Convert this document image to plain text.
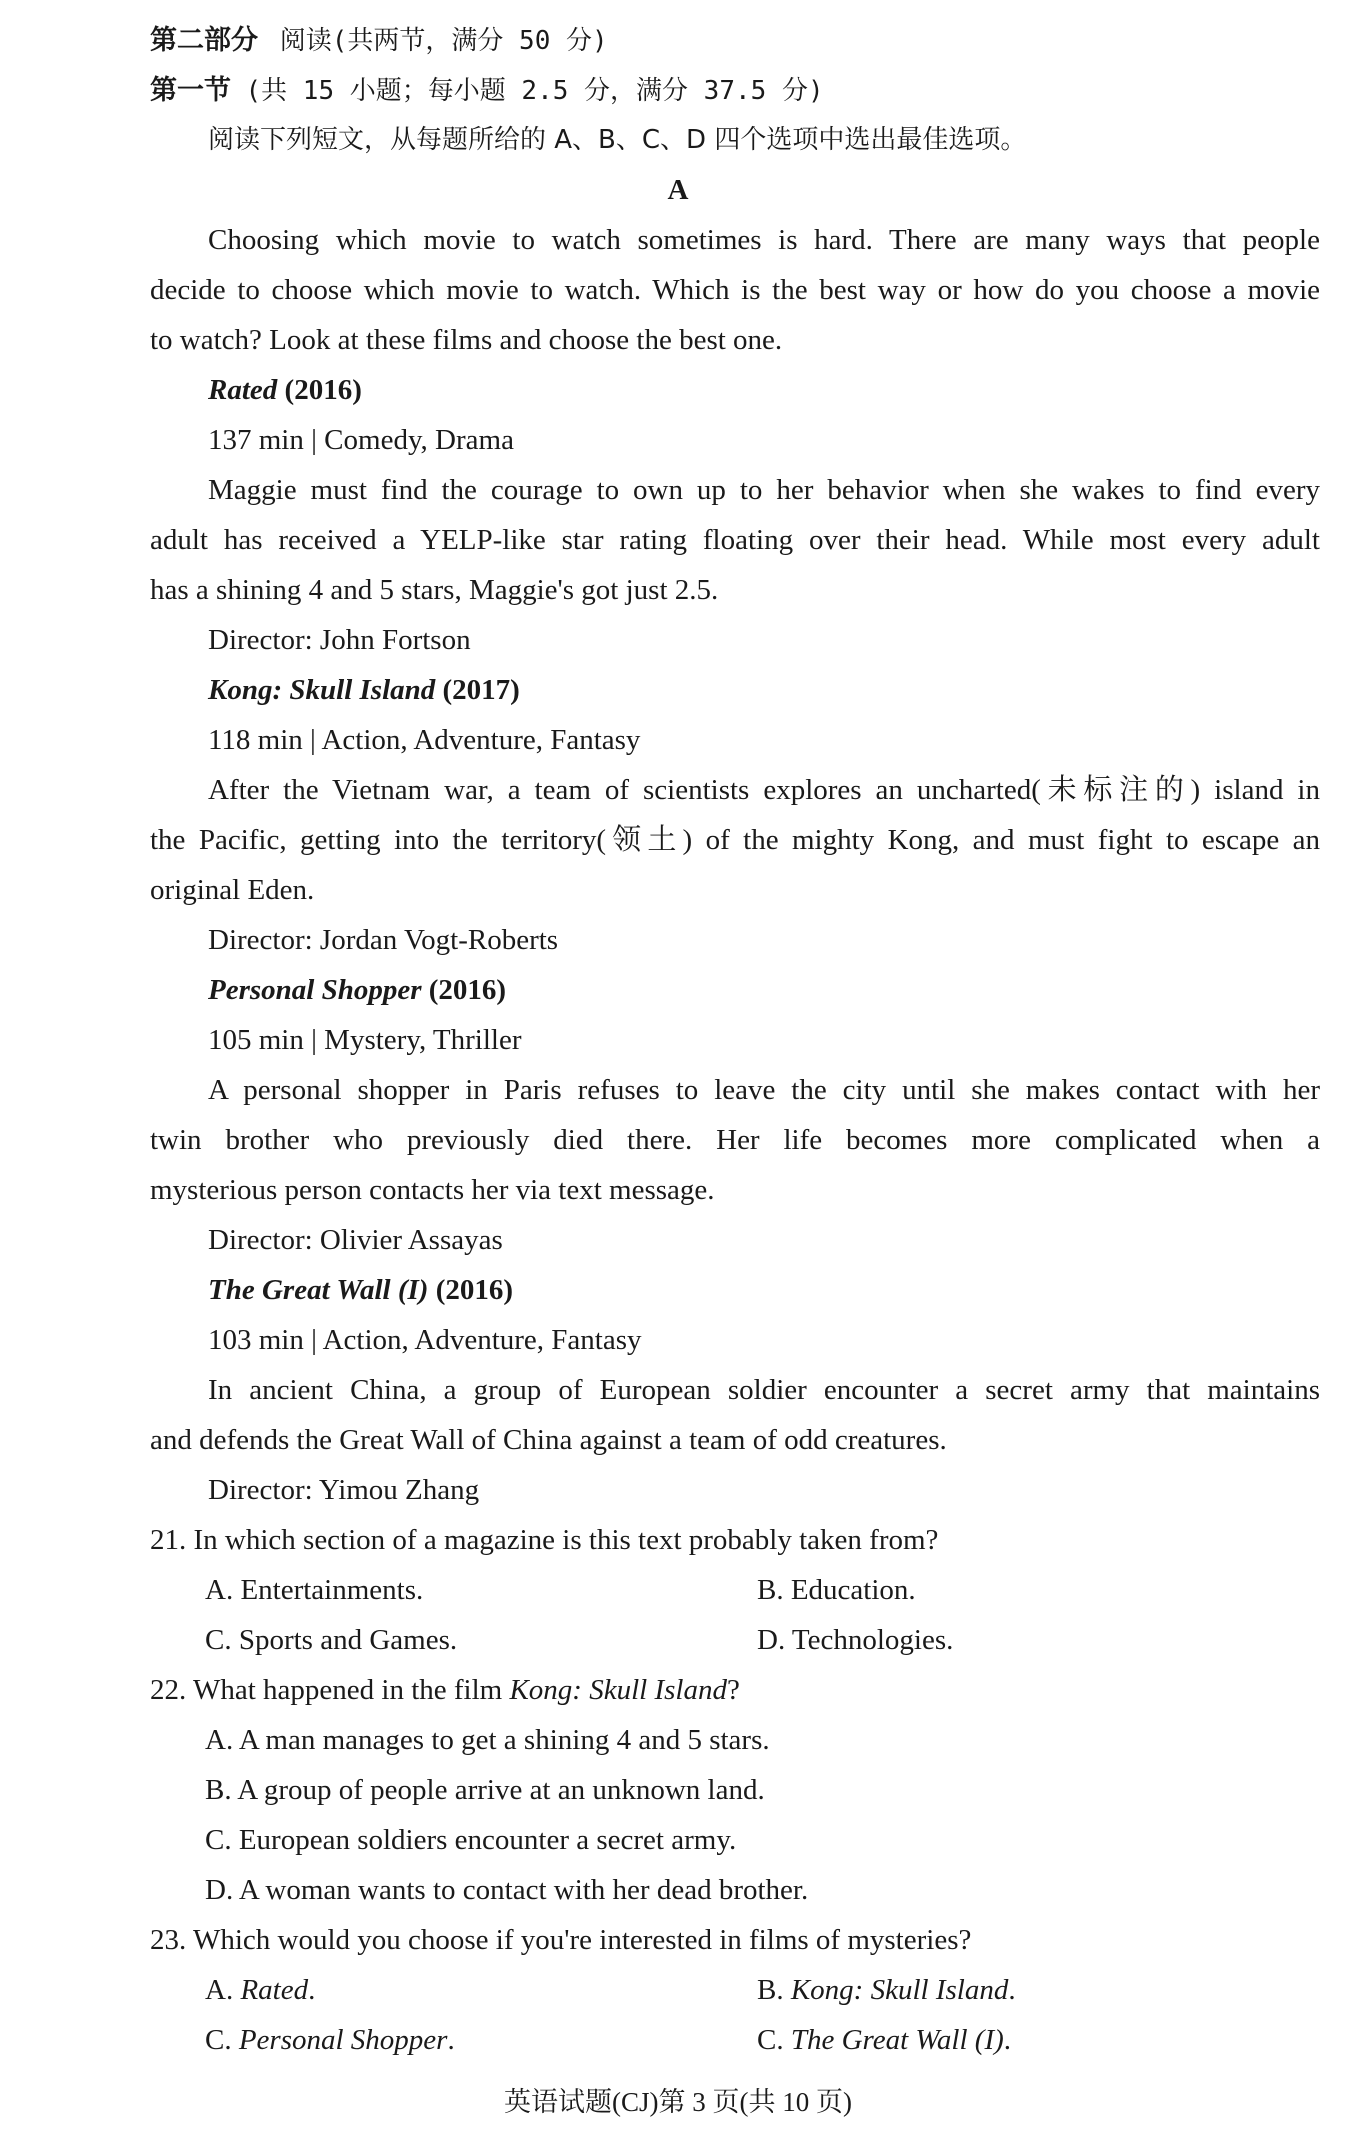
第二部分 阅读(共两节，满分 50 分)
第一节 (共 15 小题；每小题 2.5 分，满分 37.5 分)
阅读下列短文，从每题所给的 A、B、C、D 四个选项中选出最佳选项。
A
Choosing which movie to watch sometimes is hard. There are many ways that people
decide to choose which movie to watch. Which is the best way or how do you choose a movie
to watch? Look at these films and choose the best one.
Rated (2016)
137 min | Comedy, Drama
Maggie must find the courage to own up to her behavior when she wakes to find every
adult has received a YELP-like star rating floating over their head. While most every adult
has a shining 4 and 5 stars, Maggie's got just 2.5.
Director: John Fortson
Kong: Skull Island (2017)
118 min | Action, Adventure, Fantasy
After the Vietnam war, a team of scientists explores an uncharted(未标注的) island in
the Pacific, getting into the territory(领土) of the mighty Kong, and must fight to escape an
original Eden.
Director: Jordan Vogt-Roberts
Personal Shopper (2016)
105 min | Mystery, Thriller
A personal shopper in Paris refuses to leave the city until she makes contact with her
twin brother who previously died there. Her life becomes more complicated when a
mysterious person contacts her via text message.
Director: Olivier Assayas
The Great Wall (I) (2016)
103 min | Action, Adventure, Fantasy
In ancient China, a group of European soldier encounter a secret army that maintains
and defends the Great Wall of China against a team of odd creatures.
Director: Yimou Zhang
21. In which section of a magazine is this text probably taken from?
A. Entertainments.	B. Education.
C. Sports and Games.	D. Technologies.
22. What happened in the film Kong: Skull Island?
A. A man manages to get a shining 4 and 5 stars.
B. A group of people arrive at an unknown land.
C. European soldiers encounter a secret army.
D. A woman wants to contact with her dead brother.
23. Which would you choose if you're interested in films of mysteries?
A. Rated.	B. Kong: Skull Island.
C. Personal Shopper.	C. The Great Wall (I).
英语试题(CJ)第 3 页(共 10 页)
